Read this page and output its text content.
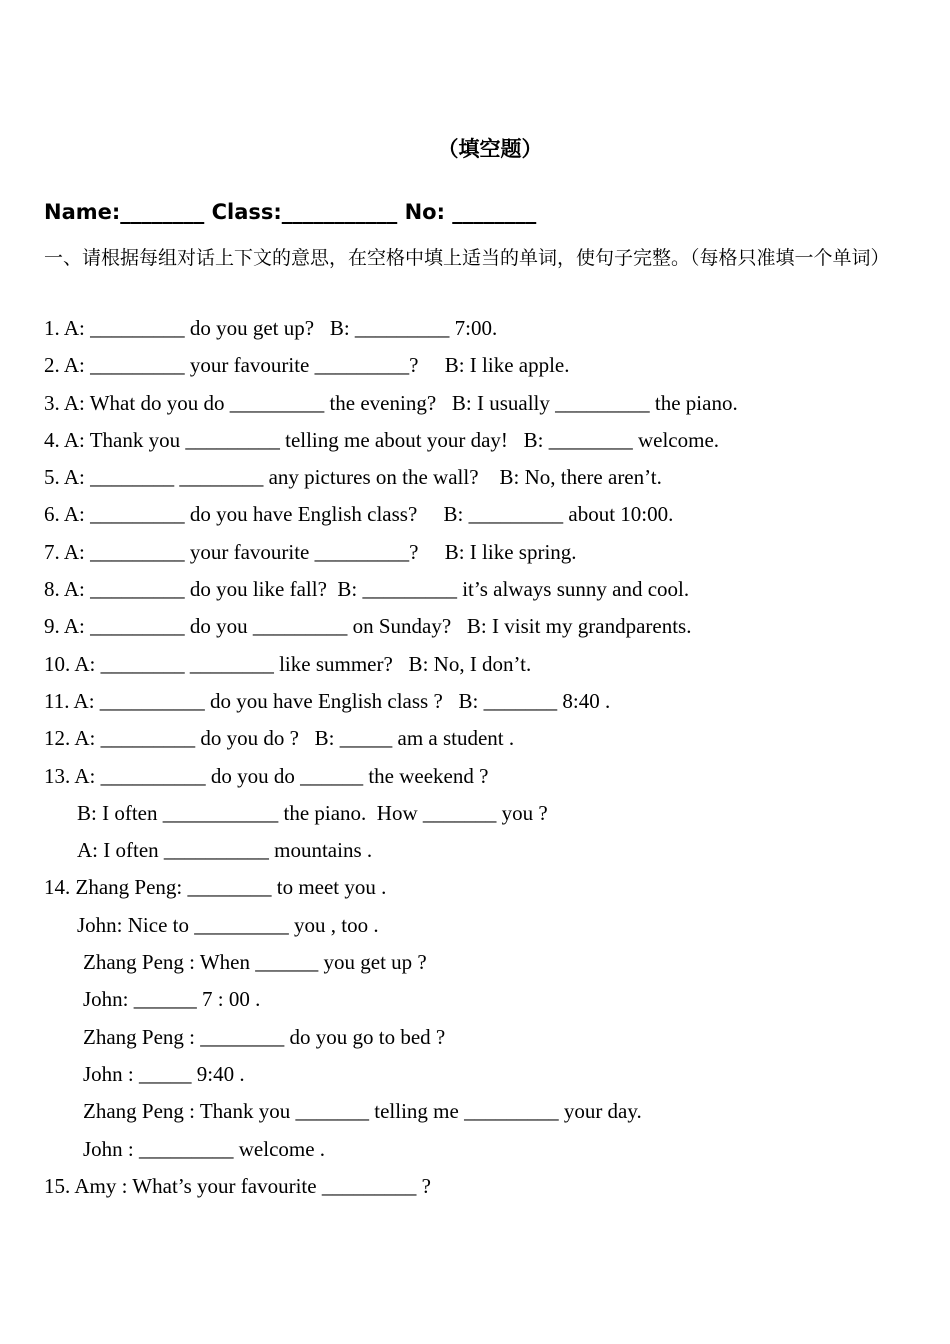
（填空题）
Name:________ Class:___________ No: ________
一、请根据每组对话上下文的意思，在空格中填上适当的单词，使句子完整。（每格只准填一个单词）
1. A: _________ do you get up?   B: _________ 7:00.
2. A: _________ your favourite _________?     B: I like apple.
3. A: What do you do _________ the evening?   B: I usually _________ the piano.
4. A: Thank you _________ telling me about your day!   B: ________ welcome.
5. A: ________ ________ any pictures on the wall?    B: No, there aren’t.
6. A: _________ do you have English class?     B: _________ about 10:00.
7. A: _________ your favourite _________?     B: I like spring.
8. A: _________ do you like fall?  B: _________ it’s always sunny and cool.
9. A: _________ do you _________ on Sunday?   B: I visit my grandparents.
10. A: ________ ________ like summer?   B: No, I don’t.
11. A: __________ do you have English class ?   B: _______ 8:40 .
12. A: _________ do you do ?   B: _____ am a student .
13. A: __________ do you do ______ the weekend ?
B: I often ___________ the piano.  How _______ you ?
A: I often __________ mountains .
14. Zhang Peng: ________ to meet you .
John: Nice to _________ you , too .
Zhang Peng : When ______ you get up ?
John: ______ 7 : 00 .
Zhang Peng : ________ do you go to bed ?
John : _____ 9:40 .
Zhang Peng : Thank you _______ telling me _________ your day.
John : _________ welcome .
15. Amy : What’s your favourite _________ ?
